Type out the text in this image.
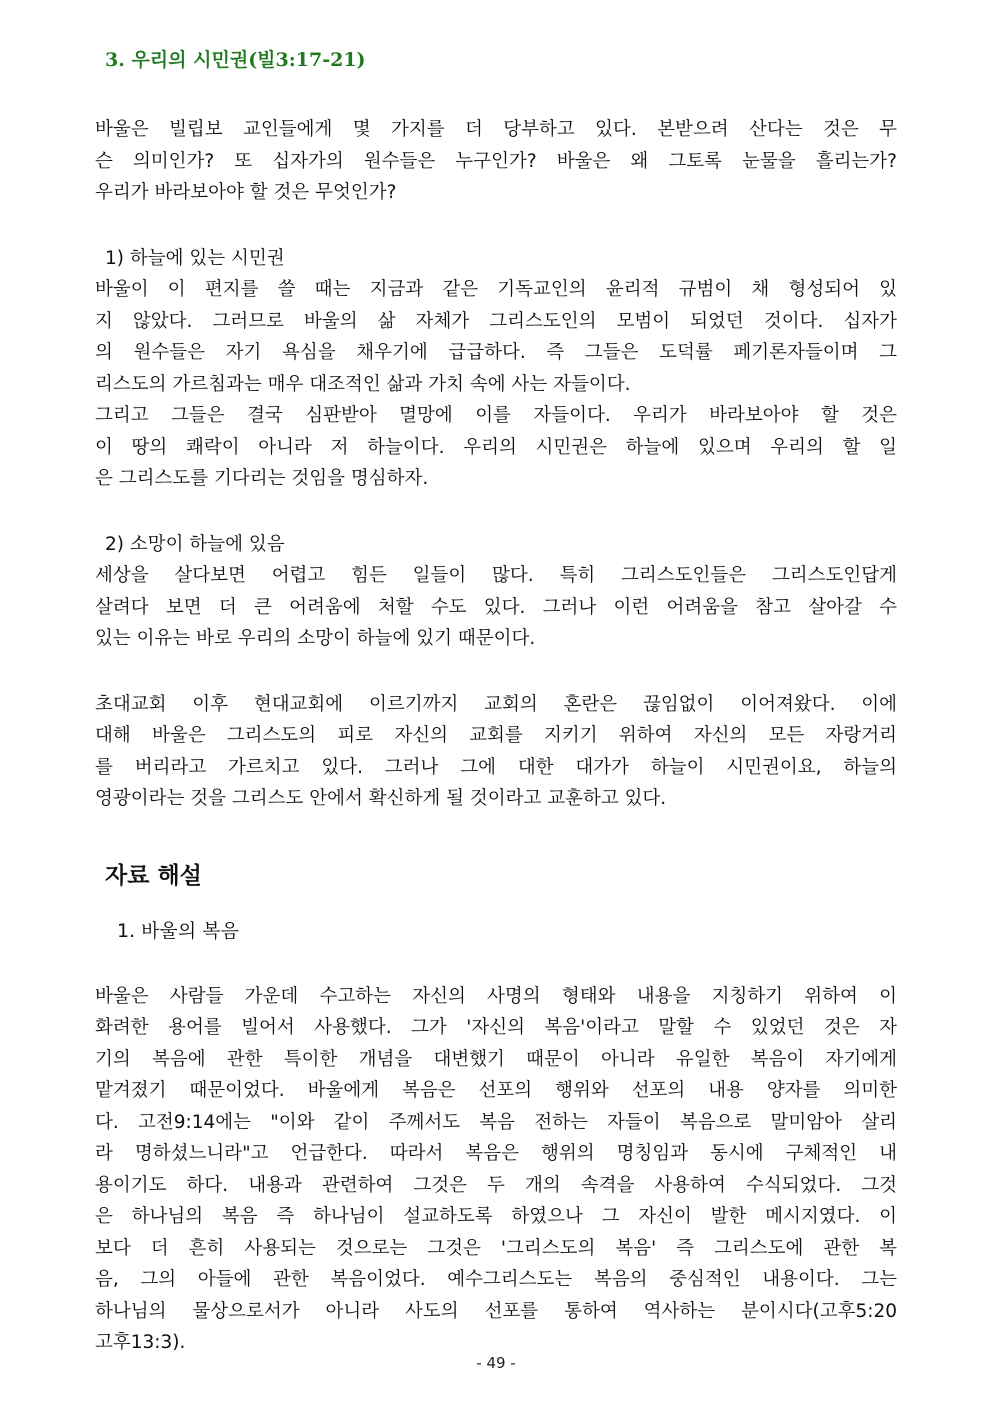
3. 우리의 시민권(빌3:17-21)
바울은 빌립보 교인들에게 몇 가지를 더 당부하고 있다. 본받으려 산다는 것은 무
슨 의미인가? 또 십자가의 원수들은 누구인가? 바울은 왜 그토록 눈물을 흘리는가?
우리가 바라보아야 할 것은 무엇인가?
1) 하늘에 있는 시민권
바울이 이 편지를 쓸 때는 지금과 같은 기독교인의 윤리적 규범이 채 형성되어 있
지 않았다. 그러므로 바울의 삶 자체가 그리스도인의 모범이 되었던 것이다. 십자가
의 원수들은 자기 욕심을 채우기에 급급하다. 즉 그들은 도덕률 페기론자들이며 그
리스도의 가르침과는 매우 대조적인 삶과 가치 속에 사는 자들이다.
그리고 그들은 결국 심판받아 멸망에 이를 자들이다. 우리가 바라보아야 할 것은
이 땅의 쾌락이 아니라 저 하늘이다. 우리의 시민권은 하늘에 있으며 우리의 할 일
은 그리스도를 기다리는 것임을 명심하자.
2) 소망이 하늘에 있음
세상을 살다보면 어렵고 힘든 일들이 많다. 특히 그리스도인들은 그리스도인답게
살려다 보면 더 큰 어려움에 처할 수도 있다. 그러나 이런 어려움을 참고 살아갈 수
있는 이유는 바로 우리의 소망이 하늘에 있기 때문이다.
초대교회 이후 현대교회에 이르기까지 교회의 혼란은 끊임없이 이어져왔다. 이에
대해 바울은 그리스도의 피로 자신의 교회를 지키기 위하여 자신의 모든 자랑거리
를 버리라고 가르치고 있다. 그러나 그에 대한 대가가 하늘이 시민권이요, 하늘의
영광이라는 것을 그리스도 안에서 확신하게 될 것이라고 교훈하고 있다.
자료 해설
1. 바울의 복음
바울은 사람들 가운데 수고하는 자신의 사명의 형태와 내용을 지칭하기 위하여 이
화려한 용어를 빌어서 사용했다. 그가 '자신의 복음'이라고 말할 수 있었던 것은 자
기의 복음에 관한 특이한 개념을 대변했기 때문이 아니라 유일한 복음이 자기에게
맡겨졌기 때문이었다. 바울에게 복음은 선포의 행위와 선포의 내용 양자를 의미한
다. 고전9:14에는 "이와 같이 주께서도 복음 전하는 자들이 복음으로 말미암아 살리
라 명하셨느니라"고 언급한다. 따라서 복음은 행위의 명칭임과 동시에 구체적인 내
용이기도 하다. 내용과 관련하여 그것은 두 개의 속격을 사용하여 수식되었다. 그것
은 하나님의 복음 즉 하나님이 설교하도록 하였으나 그 자신이 발한 메시지였다. 이
보다 더 흔히 사용되는 것으로는 그것은 '그리스도의 복음' 즉 그리스도에 관한 복
음, 그의 아들에 관한 복음이었다. 예수그리스도는 복음의 중심적인 내용이다. 그는
하나님의 물상으로서가 아니라 사도의 선포를 통하여 역사하는 분이시다(고후5:20
고후13:3).
- 49 -
